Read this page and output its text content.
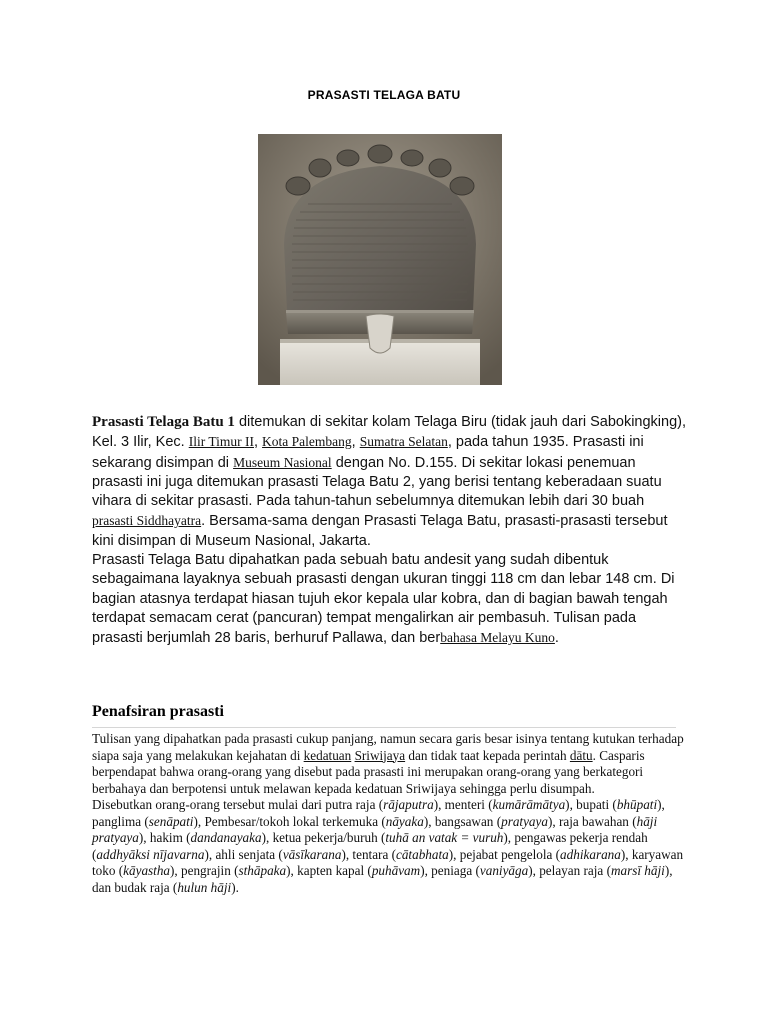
PRASASTI TELAGA BATU

Prasasti Telaga Batu 1 ditemukan di sekitar kolam Telaga Biru (tidak jauh dari Sabokingking), Kel. 3 Ilir, Kec. Ilir Timur II, Kota Palembang, Sumatra Selatan, pada tahun 1935. Prasasti ini sekarang disimpan di Museum Nasional dengan No. D.155. Di sekitar lokasi penemuan prasasti ini juga ditemukan prasasti Telaga Batu 2, yang berisi tentang keberadaan suatu vihara di sekitar prasasti. Pada tahun-tahun sebelumnya ditemukan lebih dari 30 buah prasasti Siddhayatra. Bersama-sama dengan Prasasti Telaga Batu, prasasti-prasasti tersebut kini disimpan di Museum Nasional, Jakarta.

Prasasti Telaga Batu dipahatkan pada sebuah batu andesit yang sudah dibentuk sebagaimana layaknya sebuah prasasti dengan ukuran tinggi 118 cm dan lebar 148 cm. Di bagian atasnya terdapat hiasan tujuh ekor kepala ular kobra, dan di bagian bawah tengah terdapat semacam cerat (pancuran) tempat mengalirkan air pembasuh. Tulisan pada prasasti berjumlah 28 baris, berhuruf Pallawa, dan berbahasa Melayu Kuno.

Penafsiran prasasti

Tulisan yang dipahatkan pada prasasti cukup panjang, namun secara garis besar isinya tentang kutukan terhadap siapa saja yang melakukan kejahatan di kedatuan Sriwijaya dan tidak taat kepada perintah dātu. Casparis berpendapat bahwa orang-orang yang disebut pada prasasti ini merupakan orang-orang yang berkategori berbahaya dan berpotensi untuk melawan kepada kedatuan Sriwijaya sehingga perlu disumpah.

Disebutkan orang-orang tersebut mulai dari putra raja (rājaputra), menteri (kumārāmātya), bupati (bhūpati), panglima (senāpati), Pembesar/tokoh lokal terkemuka (nāyaka), bangsawan (pratyaya), raja bawahan (hāji pratyaya), hakim (dandanayaka), ketua pekerja/buruh (tuhā an vatak = vuruh), pengawas pekerja rendah (addhyāksi nījavarna), ahli senjata (vāsīkarana), tentara (cātabhata), pejabat pengelola (adhikarana), karyawan toko (kāyastha), pengrajin (sthāpaka), kapten kapal (puhāvam), peniaga (vaniyāga), pelayan raja (marsī hāji), dan budak raja (hulun hāji).
